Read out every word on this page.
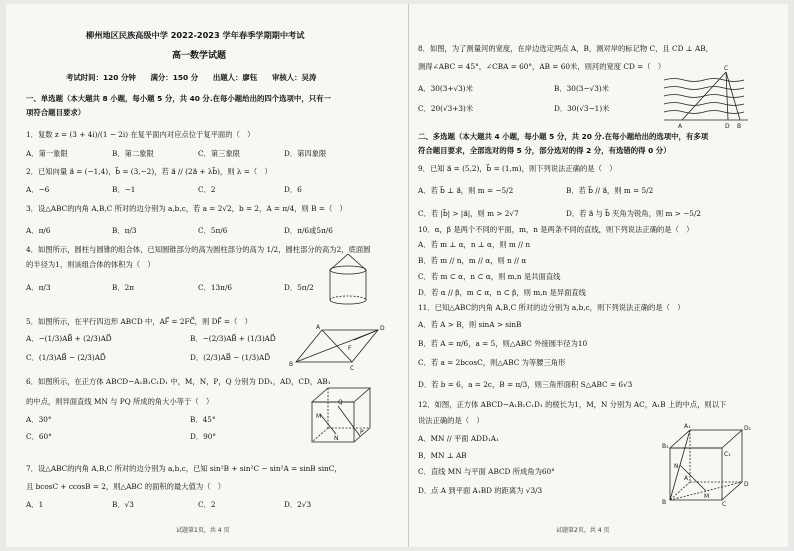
柳州地区民族高级中学 2022-2023 学年春季学期期中考试
高一数学试题
考试时间：120 分钟　　满分：150 分　　出题人：廖钰　　审核人：吴涛
一、单选题（本大题共 8 小题，每小题 5 分，共 40 分.在每小题给出的四个选项中，只有一
项符合题目要求）
1．复数 z = (3 + 4i)/(1 − 2i) 在复平面内对应点位于复平面的（　）
A．第一象限	B．第二象限	C．第三象限	D．第四象限
2．已知向量 a⃗ = (−1,4)，b⃗ = (3,−2)，若 a⃗ // (2a⃗ + λb⃗)，则 λ =（　）
A．−6	B．−1	C．2	D．6
3．设△ABC的内角 A,B,C 所对的边分别为 a,b,c，若 a = 2√2，b = 2，A = π/4，则 B =（　）
A．π/6	B．π/3	C．5π/6	D．π/6或5π/6
4．如图所示，圆柱与圆锥的组合体，已知圆锥部分的高为圆柱部分的高为 1/2，圆柱部分的高为2，底面圆
的半径为1，则该组合体的体积为（　）
A．π/3	B．2π	C．13π/6	D．5π/2
5．如图所示，在平行四边形 ABCD 中，AF⃗ = 2FC⃗，则 DF⃗ =（　）
A．−(1/3)AB⃗ + (2/3)AD⃗	B．−(2/3)AB⃗ + (1/3)AD⃗
C．(1/3)AB⃗ − (2/3)AD⃗	D．(2/3)AB⃗ − (1/3)AD⃗
B
A	D
C
F
6．如图所示，在正方体 ABCD−A₁B₁C₁D₁ 中，M，N，P，Q 分别为 DD₁，AD，CD，AB₁
的中点，则异面直线 MN 与 PQ 所成的角大小等于（　）
A．30°	B．45°
C．60°	D．90°
M
N
P
Q
7．设△ABC的内角 A,B,C 所对的边分别为 a,b,c，已知 sin²B + sin²C − sin²A = sinB sinC，
且 bcosC + ccosB = 2，则△ABC 的面积的最大值为（　）
A．1	B．√3	C．2	D．2√3
试题第1页，共 4 页
8．如图，为了测量河的宽度，在岸边选定两点 A，B，测对岸的标记物 C，且 CD ⊥ AB，
测得∠ABC = 45°，∠CBA = 60°，AB = 60米，则河的宽度 CD =（　）
A．30(3+√3)米	B．30(3−√3)米
C．20(√3+3)米	D．30(√3−1)米
A	B
C
D
二、多选题（本大题共 4 小题，每小题 5 分，共 20 分.在每小题给出的选项中，有多项
符合题目要求，全部选对的得 5 分，部分选对的得 2 分，有选错的得 0 分）
9．已知 a⃗ = (5,2)，b⃗ = (1,m)，则下列说法正确的是（　）
A．若 b⃗ ⊥ a⃗，则 m = −5/2	B．若 b⃗ // a⃗，则 m = 5/2
C．若 |b⃗| > |a⃗|，则 m > 2√7	D．若 a⃗ 与 b⃗ 夹角为锐角，则 m > −5/2
10．α，β 是两个不同的平面，m，n 是两条不同的直线，则下列说法正确的是（　）
A．若 m ⊥ α，n ⊥ α，则 m // n
B．若 m // n，m // α，则 n // α
C．若 m ⊂ α，n ⊂ α，则 m,n 是共面直线
D．若 α // β，m ⊂ α，n ⊂ β，则 m,n 是异面直线
11．已知△ABC的内角 A,B,C 所对的边分别为 a,b,c，则下列说法正确的是（　）
A．若 A > B，则 sinA > sinB
B．若 A = π/6，a = 5，则△ABC 外接圆半径为10
C．若 a = 2bcosC，则△ABC 为等腰三角形
D．若 b = 6，a = 2c，B = π/3，则三角形面积 S△ABC = 6√3
12．如图，正方体 ABCD−A₁B₁C₁D₁ 的棱长为1，M，N 分别为 AC，A₁B 上的中点，则以下
说法正确的是（　）
A．MN // 平面 ADD₁A₁
B．MN ⊥ AB
C．直线 MN 与平面 ABCD 所成角为60°
D．点 A 到平面 A₁BD 的距离为 √3/3
B₁
A₁	D₁
C₁
B
D
C
A
N
M
试题第2页，共 4 页
